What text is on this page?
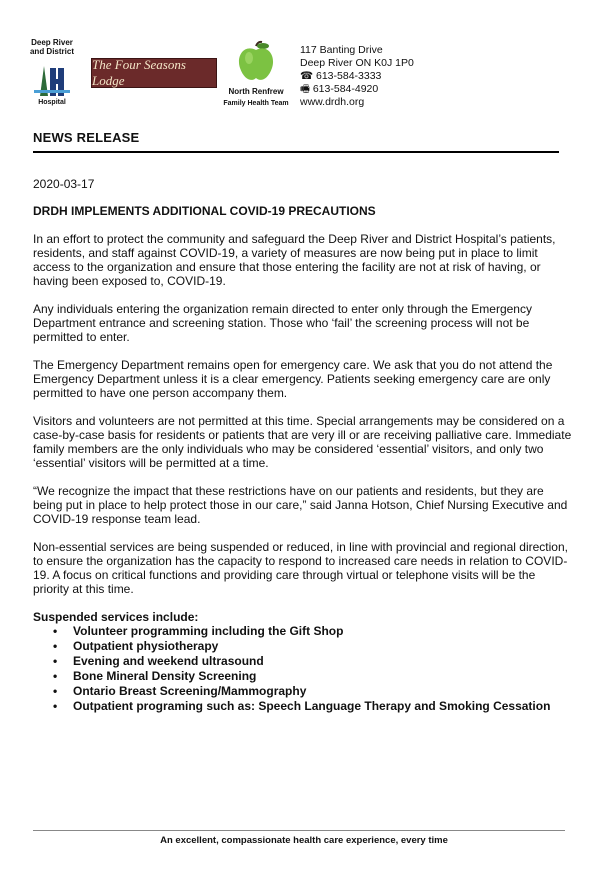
Deep River
and District
Hospital
The Four Seasons Lodge
North Renfrew
Family Health Team
117 Banting Drive
Deep River ON K0J 1P0
☎ 613-584-3333
🖷 613-584-4920
www.drdh.org
NEWS RELEASE
2020-03-17
DRDH IMPLEMENTS ADDITIONAL COVID-19 PRECAUTIONS

In an effort to protect the community and safeguard the Deep River and District Hospital’s patients, residents, and staff against COVID-19, a variety of measures are now being put in place to limit access to the organization and ensure that those entering the facility are not at risk of having, or having been exposed to, COVID-19.

Any individuals entering the organization remain directed to enter only through the Emergency Department entrance and screening station. Those who ‘fail’ the screening process will not be permitted to enter.

The Emergency Department remains open for emergency care. We ask that you do not attend the Emergency Department unless it is a clear emergency. Patients seeking emergency care are only permitted to have one person accompany them.

Visitors and volunteers are not permitted at this time. Special arrangements may be considered on a case-by-case basis for residents or patients that are very ill or are receiving palliative care. Immediate family members are the only individuals who may be considered ‘essential’ visitors, and only two ‘essential’ visitors will be permitted at a time.

“We recognize the impact that these restrictions have on our patients and residents, but they are being put in place to help protect those in our care,” said Janna Hotson, Chief Nursing Executive and COVID-19 response team lead.

Non-essential services are being suspended or reduced, in line with provincial and regional direction, to ensure the organization has the capacity to respond to increased care needs in relation to COVID-19. A focus on critical functions and providing care through virtual or telephone visits will be the priority at this time.

Suspended services include:
• Volunteer programming including the Gift Shop
• Outpatient physiotherapy
• Evening and weekend ultrasound
• Bone Mineral Density Screening
• Ontario Breast Screening/Mammography
• Outpatient programing such as: Speech Language Therapy and Smoking Cessation
An excellent, compassionate health care experience, every time
